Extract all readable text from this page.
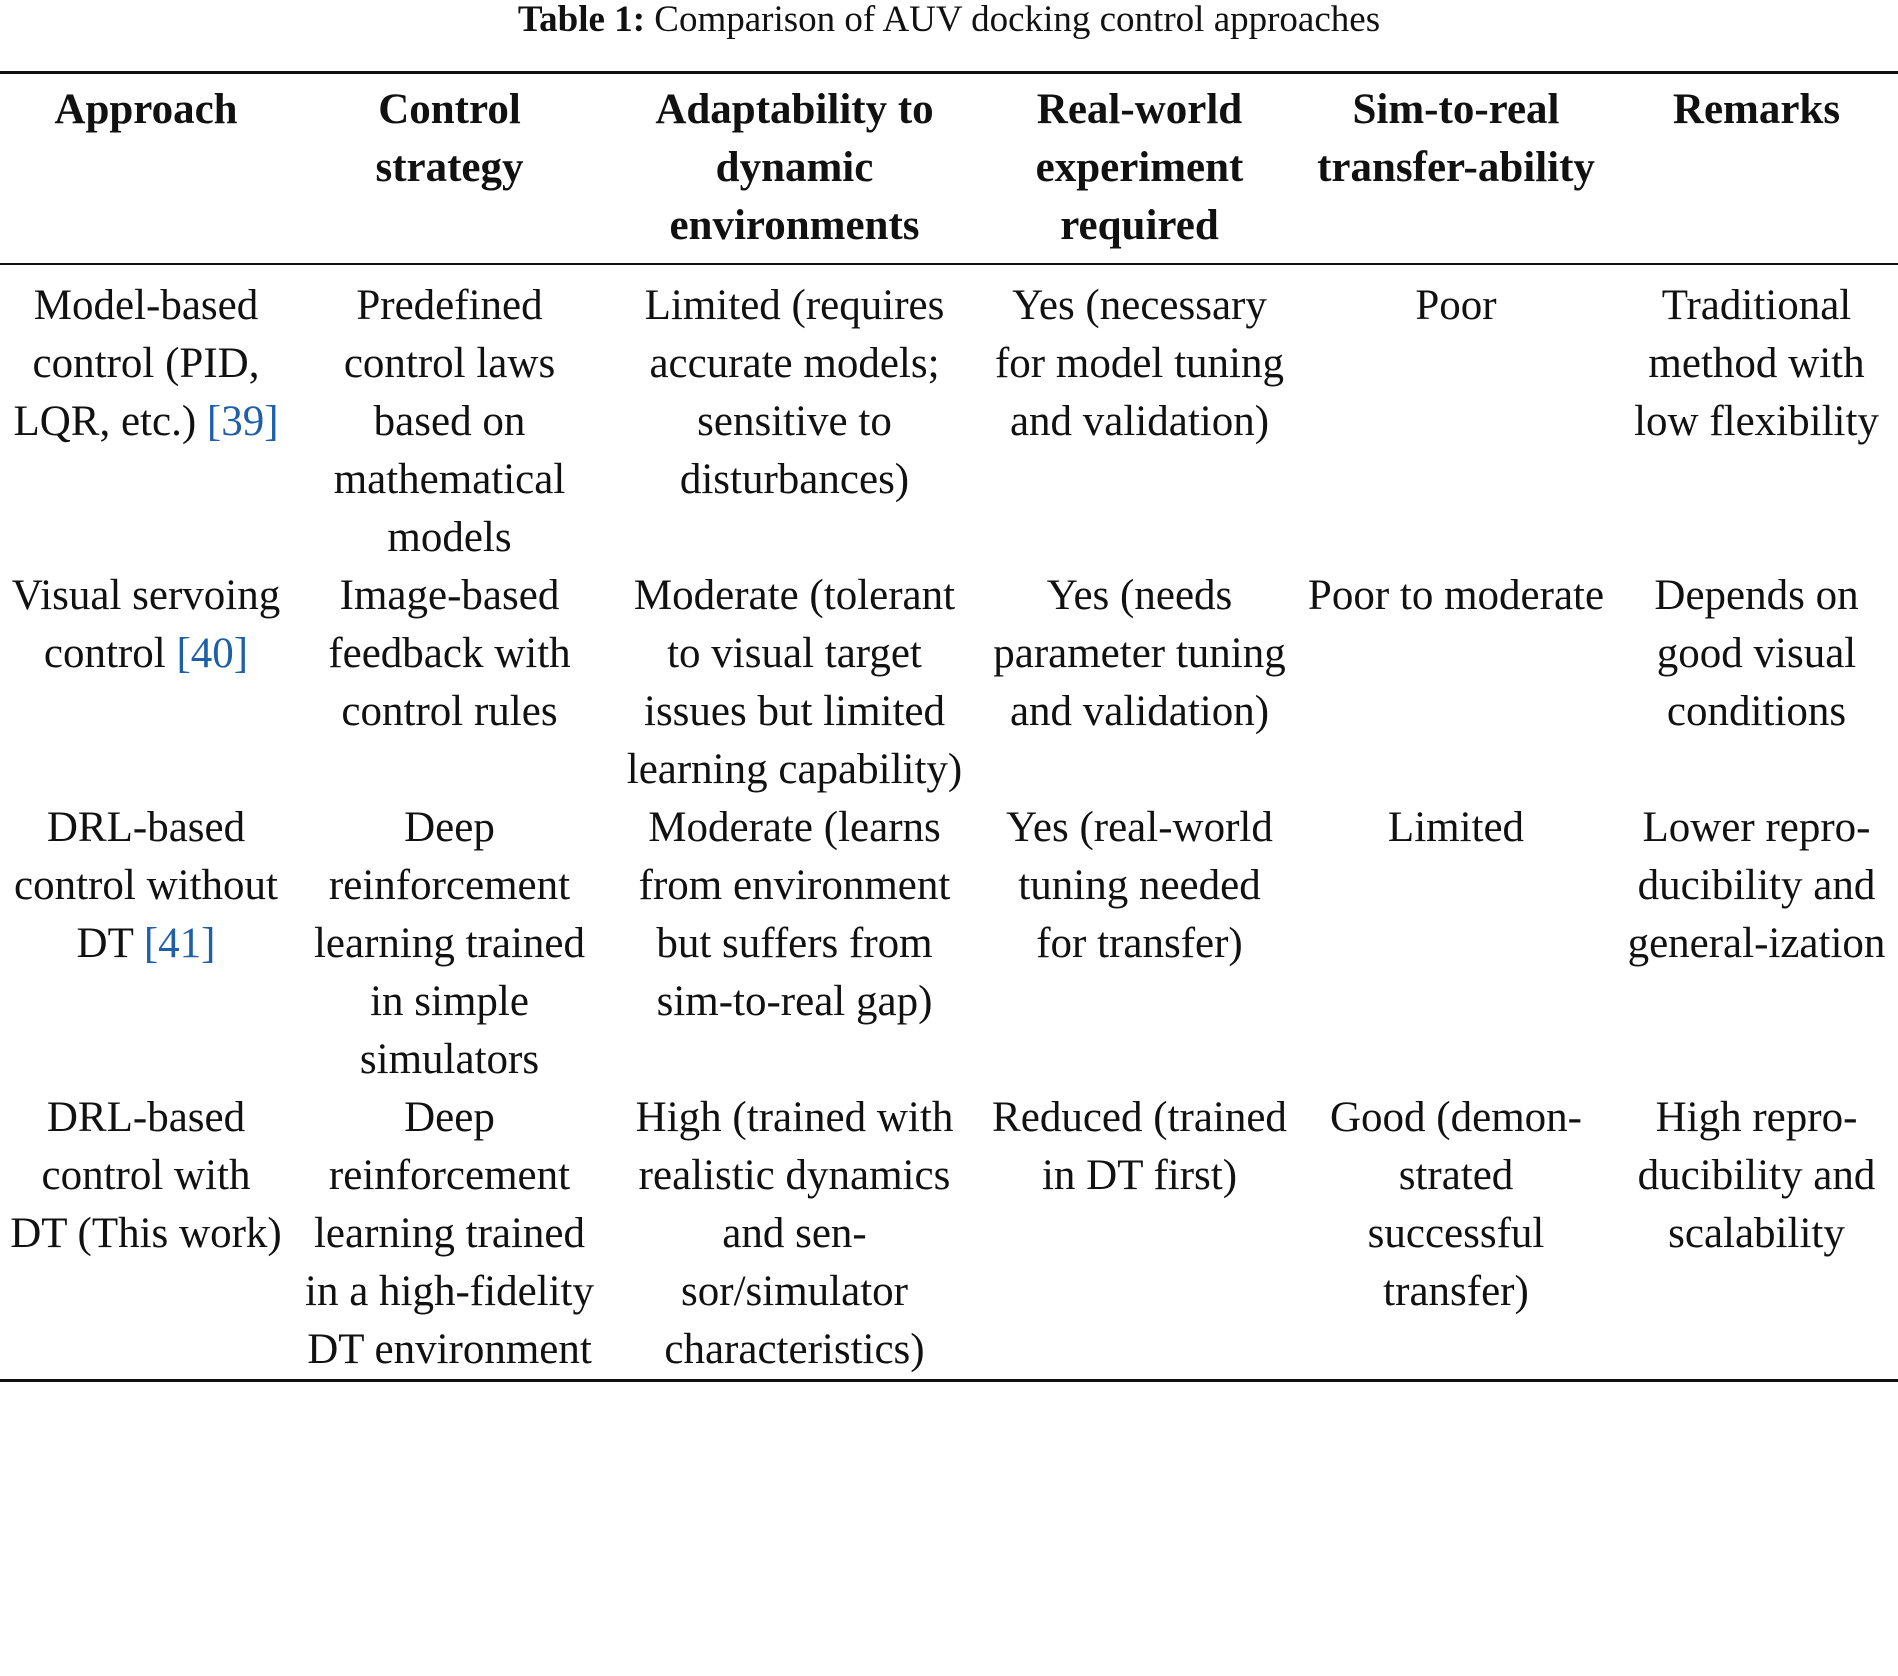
Table 1: Comparison of AUV docking control approaches
Approach	Control strategy	Adaptability to dynamic environments	Real-world experiment required	Sim-to-real transfer-ability	Remarks
Model-based control (PID, LQR, etc.) [39]	Predefined control laws based on mathematical models	Limited (requires accurate models; sensitive to disturbances)	Yes (necessary for model tuning and validation)	Poor	Traditional method with low flexibility
Visual servoing control [40]	Image-based feedback with control rules	Moderate (tolerant to visual target issues but limited learning capability)	Yes (needs parameter tuning and validation)	Poor to moderate	Depends on good visual conditions
DRL-based control without DT [41]	Deep reinforcement learning trained in simple simulators	Moderate (learns from environment but suffers from sim-to-real gap)	Yes (real-world tuning needed for transfer)	Limited	Lower repro-ducibility and general-ization
DRL-based control with DT (This work)	Deep reinforcement learning trained in a high-fidelity DT environment	High (trained with realistic dynamics and sen-sor/simulator characteristics)	Reduced (trained in DT first)	Good (demon-strated successful transfer)	High repro-ducibility and scalability
